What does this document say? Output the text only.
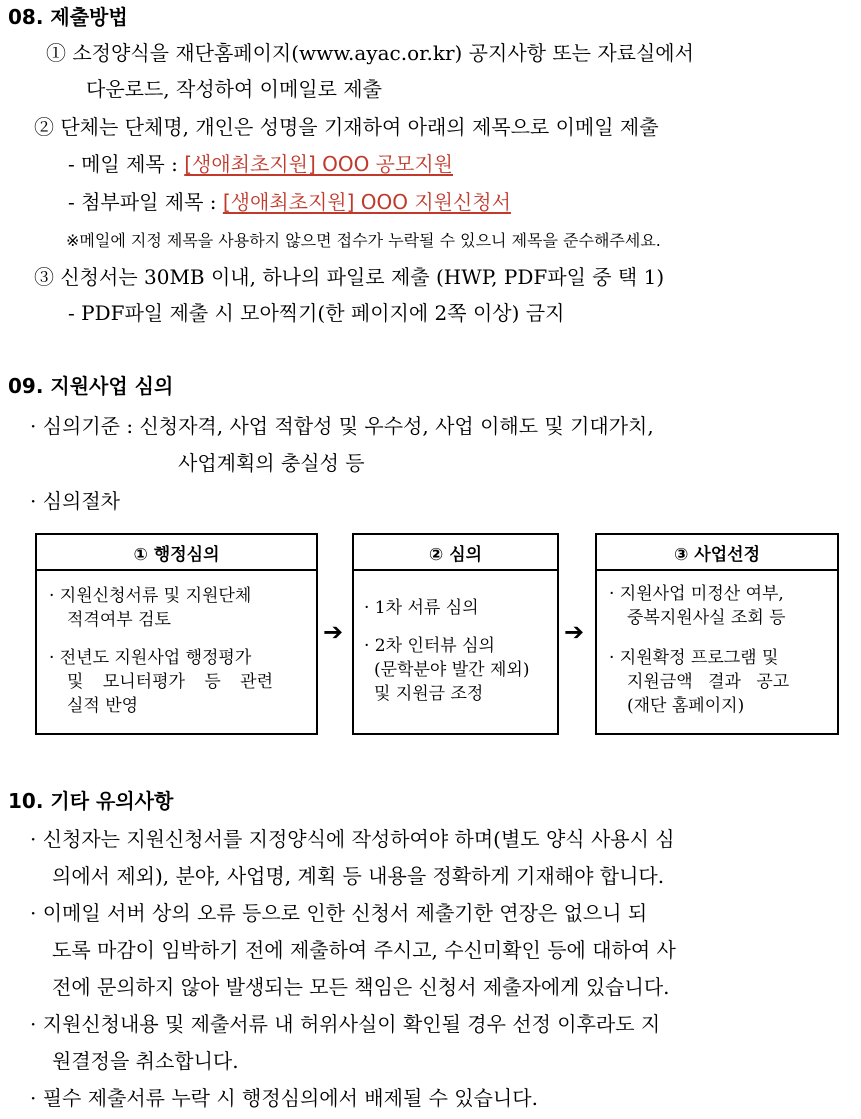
08. 제출방법
① 소정양식을 재단홈페이지(www.ayac.or.kr) 공지사항 또는 자료실에서
다운로드, 작성하여 이메일로 제출
② 단체는 단체명, 개인은 성명을 기재하여 아래의 제목으로 이메일 제출
- 메일 제목 : [생애최초지원] OOO 공모지원
- 첨부파일 제목 : [생애최초지원] OOO 지원신청서
※메일에 지정 제목을 사용하지 않으면 접수가 누락될 수 있으니 제목을 준수해주세요.
③ 신청서는 30MB 이내, 하나의 파일로 제출 (HWP, PDF파일 중 택 1)
- PDF파일 제출 시 모아찍기(한 페이지에 2쪽 이상) 금지
09. 지원사업 심의
· 심의기준 : 신청자격, 사업 적합성 및 우수성, 사업 이해도 및 기대가치,
사업계획의 충실성 등
· 심의절차
① 행정심의
· 지원신청서류 및 지원단체
적격여부 검토
· 전년도 지원사업 행정평가
및 모니터평가 등 관련
실적 반영
➔
② 심의
· 1차 서류 심의
· 2차 인터뷰 심의
(문학분야 발간 제외)
및 지원금 조정
➔
③ 사업선정
· 지원사업 미정산 여부,
중복지원사실 조회 등
· 지원확정 프로그램 및
지원금액 결과 공고
(재단 홈페이지)
10. 기타 유의사항
· 신청자는 지원신청서를 지정양식에 작성하여야 하며(별도 양식 사용시 심
의에서 제외), 분야, 사업명, 계획 등 내용을 정확하게 기재해야 합니다.
· 이메일 서버 상의 오류 등으로 인한 신청서 제출기한 연장은 없으니 되
도록 마감이 임박하기 전에 제출하여 주시고, 수신미확인 등에 대하여 사
전에 문의하지 않아 발생되는 모든 책임은 신청서 제출자에게 있습니다.
· 지원신청내용 및 제출서류 내 허위사실이 확인될 경우 선정 이후라도 지
원결정을 취소합니다.
· 필수 제출서류 누락 시 행정심의에서 배제될 수 있습니다.
